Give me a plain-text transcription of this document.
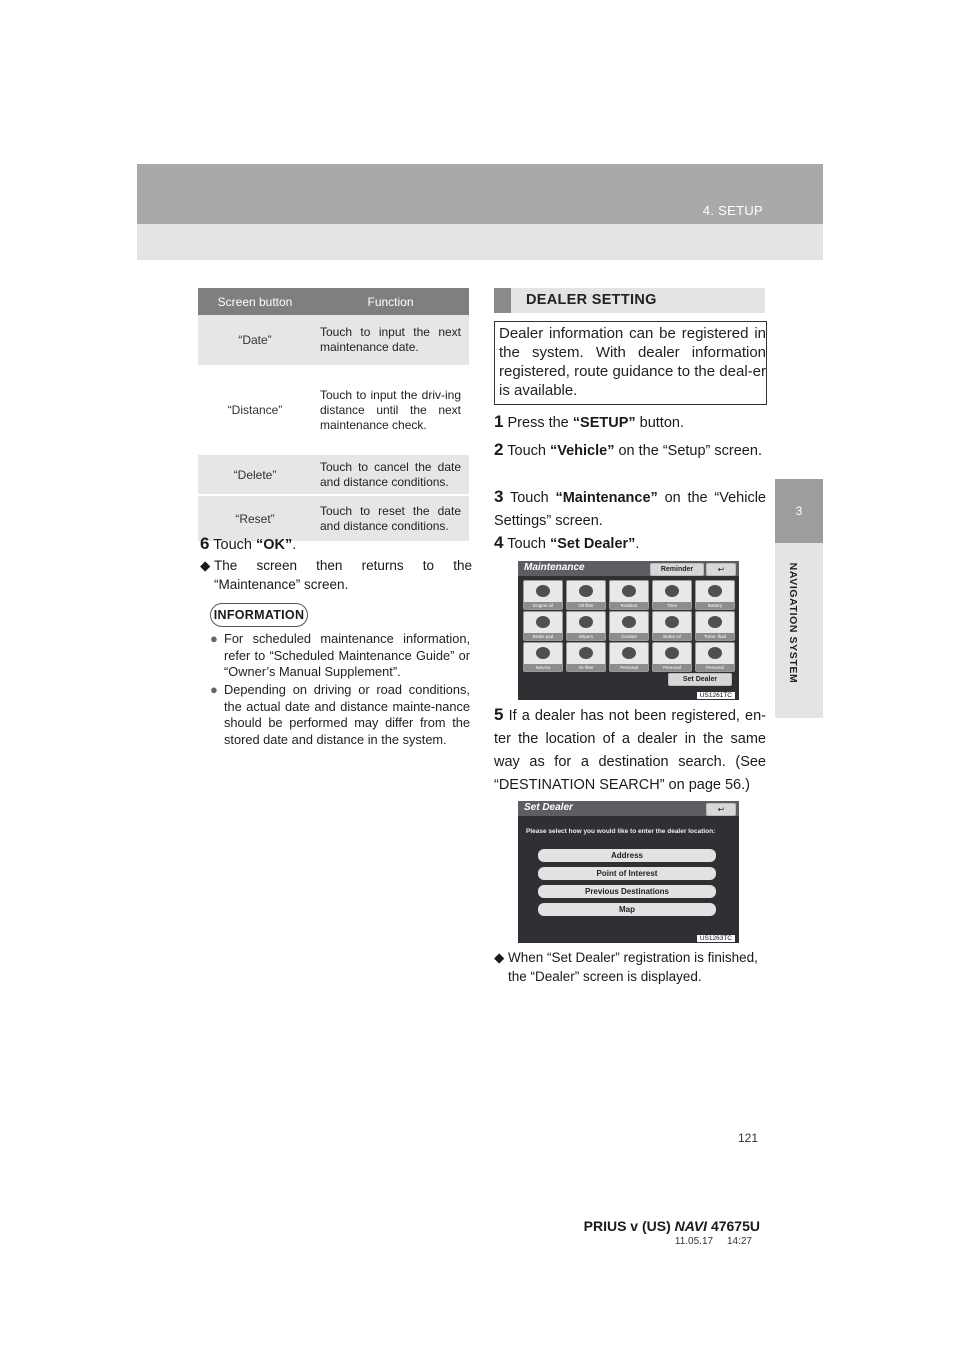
4. SETUP
3
NAVIGATION SYSTEM
Screen button	Function
“Date”	Touch to input the next maintenance date.
“Distance”	Touch to input the driv-ing distance until the next maintenance check.
“Delete”	Touch to cancel the date and distance conditions.
“Reset”	Touch to reset the date and distance conditions.
6 Touch “OK”.
◆ The screen then returns to the “Maintenance” screen.
INFORMATION
● For scheduled maintenance information, refer to “Scheduled Maintenance Guide” or “Owner’s Manual Supplement”.
● Depending on driving or road conditions, the actual date and distance mainte-nance should be performed may differ from the stored date and distance in the system.
DEALER SETTING
Dealer information can be registered in the system. With dealer information registered, route guidance to the deal-er is available.
1 Press the “SETUP” button.
2 Touch “Vehicle” on the “Setup” screen.
3 Touch “Maintenance” on the “Vehicle Settings” screen.
4 Touch “Set Dealer”.
Maintenance	Reminder	↩
Engine oil	Oil filter	Rotation	Tires	Battery
Brake pad	Wipers	Coolant	Brake oil	Trans. fluid
Service	Air filter	Personal	Personal	Personal
Set Dealer
US1261TC
5 If a dealer has not been registered, en-ter the location of a dealer in the same way as for a destination search. (See “DESTINATION SEARCH” on page 56.)
Set Dealer	↩
Please select how you would like to enter the dealer location:
Address
Point of Interest
Previous Destinations
Map
US1263TC
◆ When “Set Dealer” registration is finished, the “Dealer” screen is displayed.
121
PRIUS v (US) NAVI 47675U
11.05.17     14:27
